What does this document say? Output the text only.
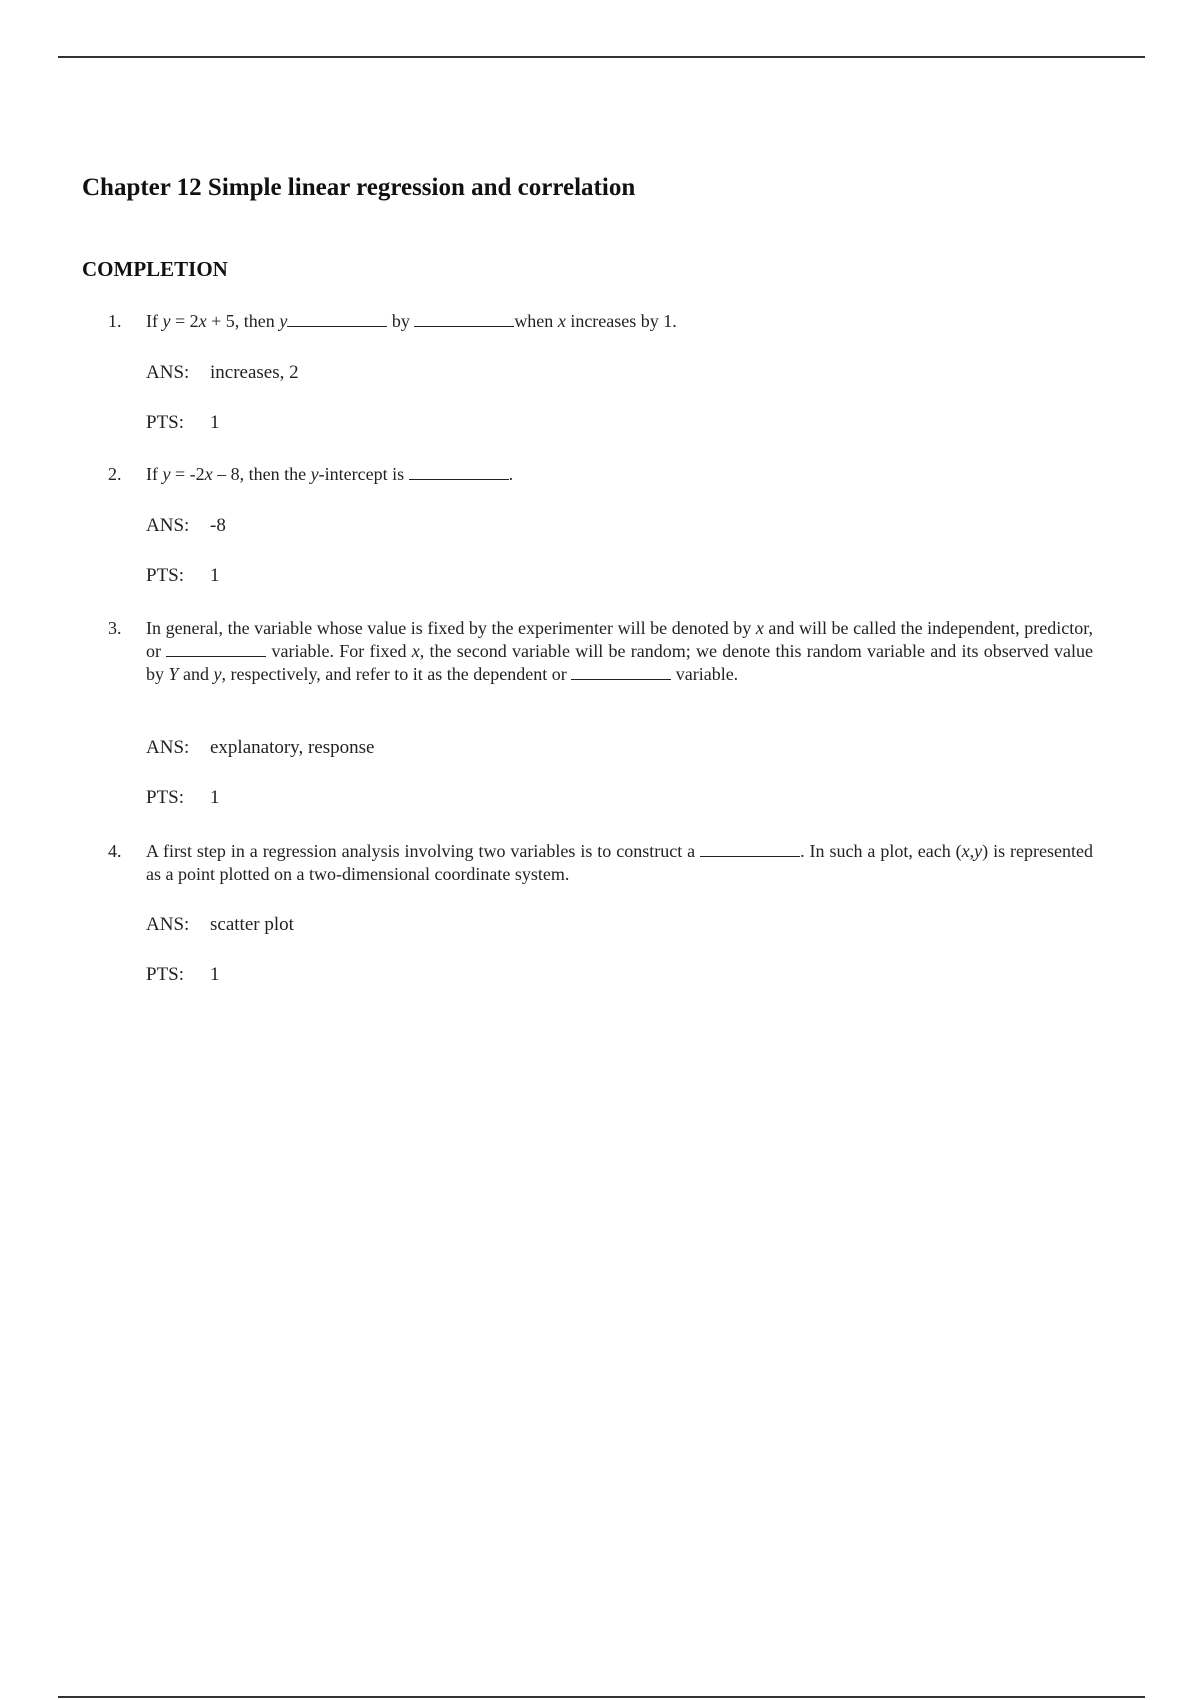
Chapter 12 Simple linear regression and correlation
COMPLETION
1. If y = 2x + 5, then y	by	when x increases by 1.
ANS: increases, 2
PTS: 1
2. If y = -2x – 8, then the y-intercept is	.
ANS: -8
PTS: 1
3. In general, the variable whose value is fixed by the experimenter will be denoted by x and will be called the independent, predictor, or	variable. For fixed x, the second variable will be random; we denote this random variable and its observed value by Y and y, respectively, and refer to it as the dependent or	variable.
ANS: explanatory, response
PTS: 1
4. A first step in a regression analysis involving two variables is to construct a	. In such a plot, each (x,y) is represented as a point plotted on a two-dimensional coordinate system.
ANS: scatter plot
PTS: 1
